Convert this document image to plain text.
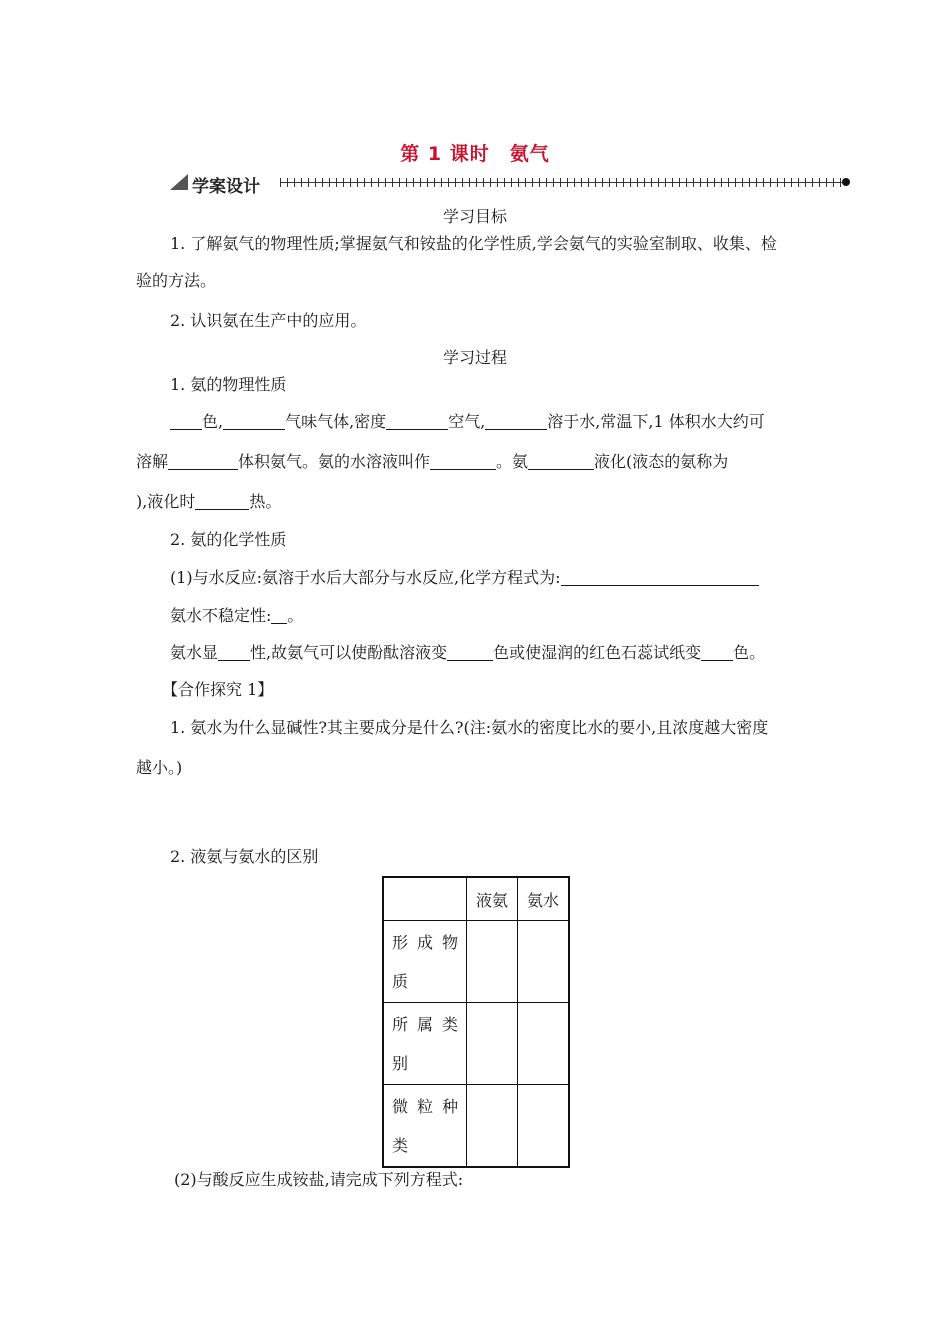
第 1 课时　氨气
学案设计
学习目标
1. 了解氨气的物理性质;掌握氨气和铵盐的化学性质,学会氨气的实验室制取、收集、检
验的方法。
2. 认识氨在生产中的应用。
学习过程
1. 氨的物理性质
色,	气味气体,密度	空气,	溶于水,常温下,1 体积水大约可
溶解	体积氨气。氨的水溶液叫作	。氨	液化(液态的氨称为
),液化时	热。
2. 氨的化学性质
(1)与水反应:氨溶于水后大部分与水反应,化学方程式为:
氨水不稳定性: 。
氨水显 性,故氨气可以使酚酞溶液变	色或使湿润的红色石蕊试纸变 色。
【合作探究 1】
1. 氨水为什么显碱性?其主要成分是什么?(注:氨水的密度比水的要小,且浓度越大密度
越小。)
2. 液氨与氨水的区别
	液氨	氨水

形 成 物
质		

所 属 类
别		

微 粒 种
类		

(2)与酸反应生成铵盐,请完成下列方程式:
